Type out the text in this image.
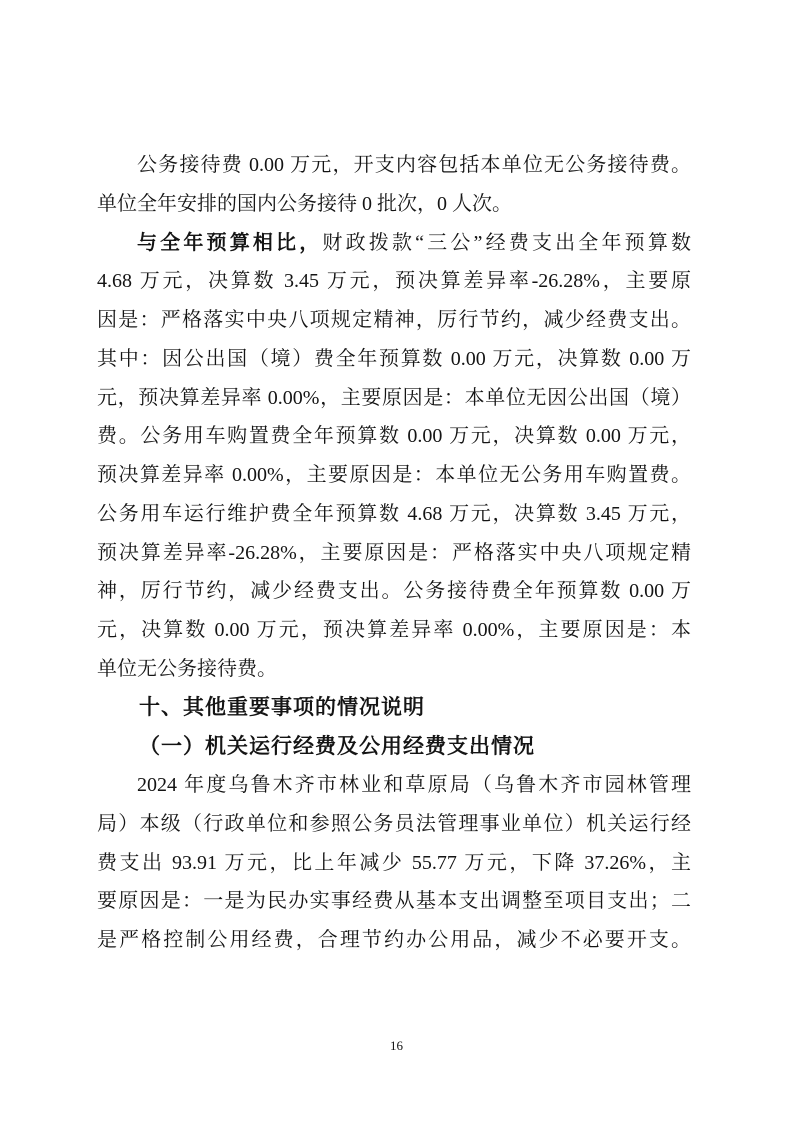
公务接待费 0.00 万元，开支内容包括本单位无公务接待费。
单位全年安排的国内公务接待 0 批次，0 人次。
与全年预算相比，财政拨款“三公”经费支出全年预算数
4.68 万元，决算数 3.45 万元，预决算差异率-26.28%，主要原
因是：严格落实中央八项规定精神，厉行节约，减少经费支出。
其中：因公出国（境）费全年预算数 0.00 万元，决算数 0.00 万
元，预决算差异率 0.00%，主要原因是：本单位无因公出国（境）
费。公务用车购置费全年预算数 0.00 万元，决算数 0.00 万元，
预决算差异率 0.00%，主要原因是：本单位无公务用车购置费。
公务用车运行维护费全年预算数 4.68 万元，决算数 3.45 万元，
预决算差异率-26.28%，主要原因是：严格落实中央八项规定精
神，厉行节约，减少经费支出。公务接待费全年预算数 0.00 万
元，决算数 0.00 万元，预决算差异率 0.00%，主要原因是：本
单位无公务接待费。
十、其他重要事项的情况说明
（一）机关运行经费及公用经费支出情况
2024 年度乌鲁木齐市林业和草原局（乌鲁木齐市园林管理
局）本级（行政单位和参照公务员法管理事业单位）机关运行经
费支出 93.91 万元，比上年减少 55.77 万元，下降 37.26%，主
要原因是：一是为民办实事经费从基本支出调整至项目支出；二
是严格控制公用经费，合理节约办公用品，减少不必要开支。
16
